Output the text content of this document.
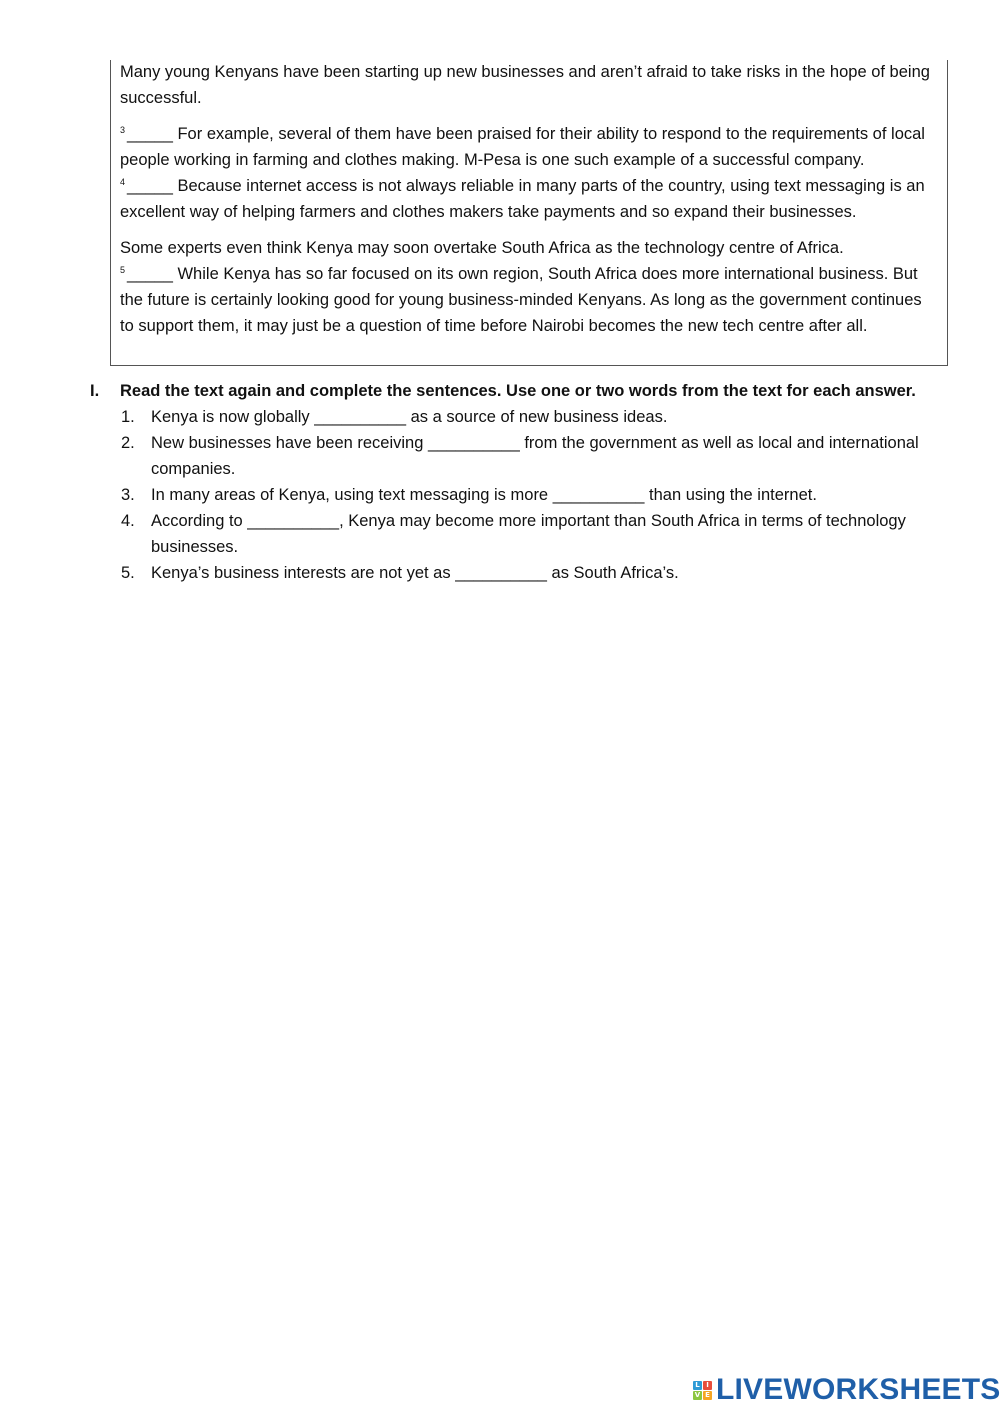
Many young Kenyans have been starting up new businesses and aren’t afraid to take risks in the hope of being successful.

$^3$ _____ For example, several of them have been praised for their ability to respond to the requirements of local people working in farming and clothes making. M-Pesa is one such example of a successful company.
$^4$ _____ Because internet access is not always reliable in many parts of the country, using text messaging is an excellent way of helping farmers and clothes makers take payments and so expand their businesses.

Some experts even think Kenya may soon overtake South Africa as the technology centre of Africa.
$^5$ _____ While Kenya has so far focused on its own region, South Africa does more international business. But the future is certainly looking good for young business-minded Kenyans. As long as the government continues to support them, it may just be a question of time before Nairobi becomes the new tech centre after all.

I.	Read the text again and complete the sentences. Use one or two words from the text for each answer.
1. Kenya is now globally __________ as a source of new business ideas.
2. New businesses have been receiving __________ from the government as well as local and international companies.
3. In many areas of Kenya, using text messaging is more __________ than using the internet.
4. According to __________, Kenya may become more important than South Africa in terms of technology businesses.
5. Kenya’s business interests are not yet as __________ as South Africa’s.
L I
V E LIVEWORKSHEETS
